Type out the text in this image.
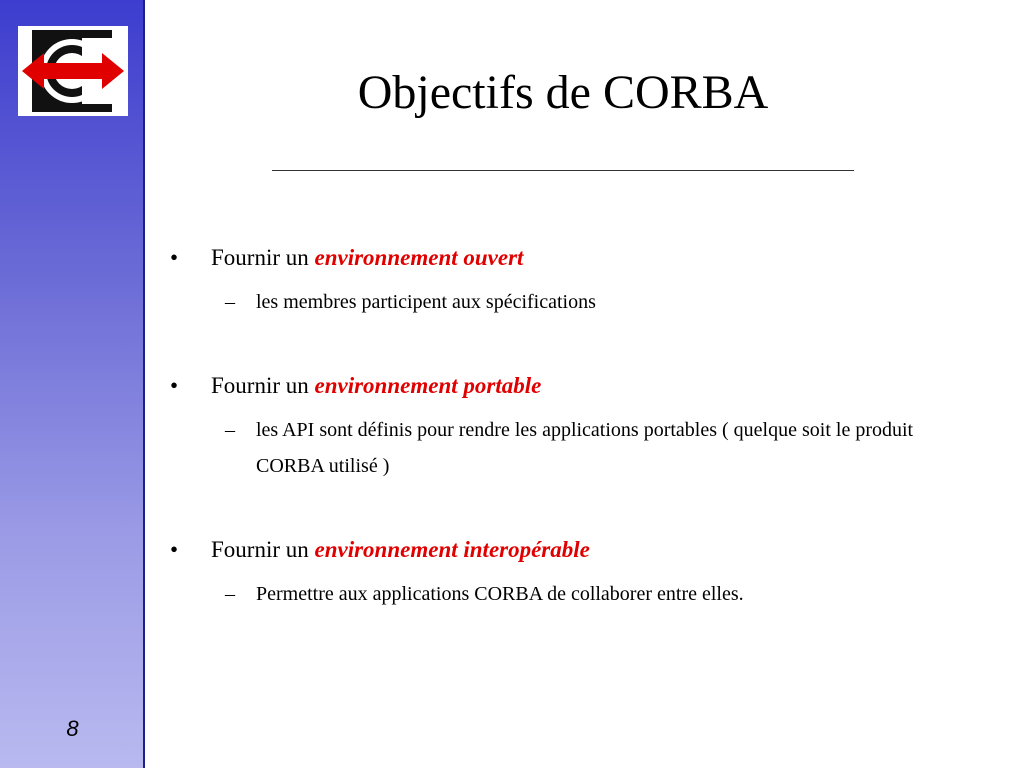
8
Objectifs de CORBA
• Fournir un environnement ouvert
– les membres participent aux spécifications
• Fournir un environnement portable
– les API sont définis pour rendre les applications portables ( quelque soit le produit CORBA utilisé )
• Fournir un environnement interopérable
– Permettre aux applications CORBA de collaborer entre elles.
